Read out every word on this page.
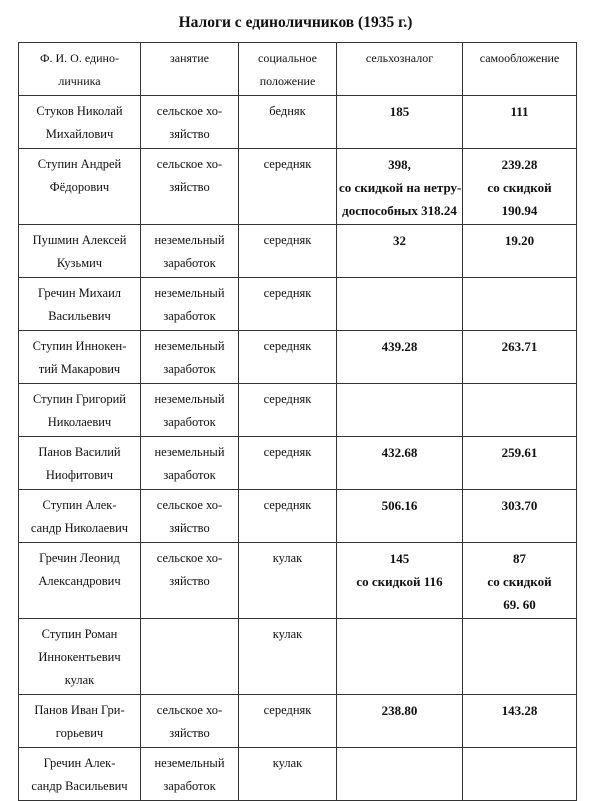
Налоги с единоличников (1935 г.)
Ф. И. О. едино-
личника	занятие	социальное
положение	сельхозналог	самообложение

Стуков Николай
Михайлович	сельское хо-
зяйство	бедняк	185	111

Ступин Андрей
Фёдорович	сельское хо-
зяйство	середняк	398,
со скидкой на нетру-
доспособных 318.24	239.28
со скидкой
190.94

Пушмин Алексей
Кузьмич	неземельный
заработок	середняк	32	19.20

Гречин Михаил
Васильевич	неземельный
заработок	середняк		

Ступин Иннокен-
тий Макарович	неземельный
заработок	середняк	439.28	263.71

Ступин Григорий
Николаевич	неземельный
заработок	середняк		

Панов Василий
Ниофитович	неземельный
заработок	середняк	432.68	259.61

Ступин Алек-
сандр Николаевич	сельское хо-
зяйство	середняк	506.16	303.70

Гречин Леонид
Александрович	сельское хо-
зяйство	кулак	145
со скидкой 116	87
со скидкой
69. 60

Ступин Роман
Иннокентьевич
кулак		кулак		

Панов Иван Гри-
горьевич	сельское хо-
зяйство	середняк	238.80	143.28

Гречин Алек-
сандр Васильевич	неземельный
заработок	кулак		
